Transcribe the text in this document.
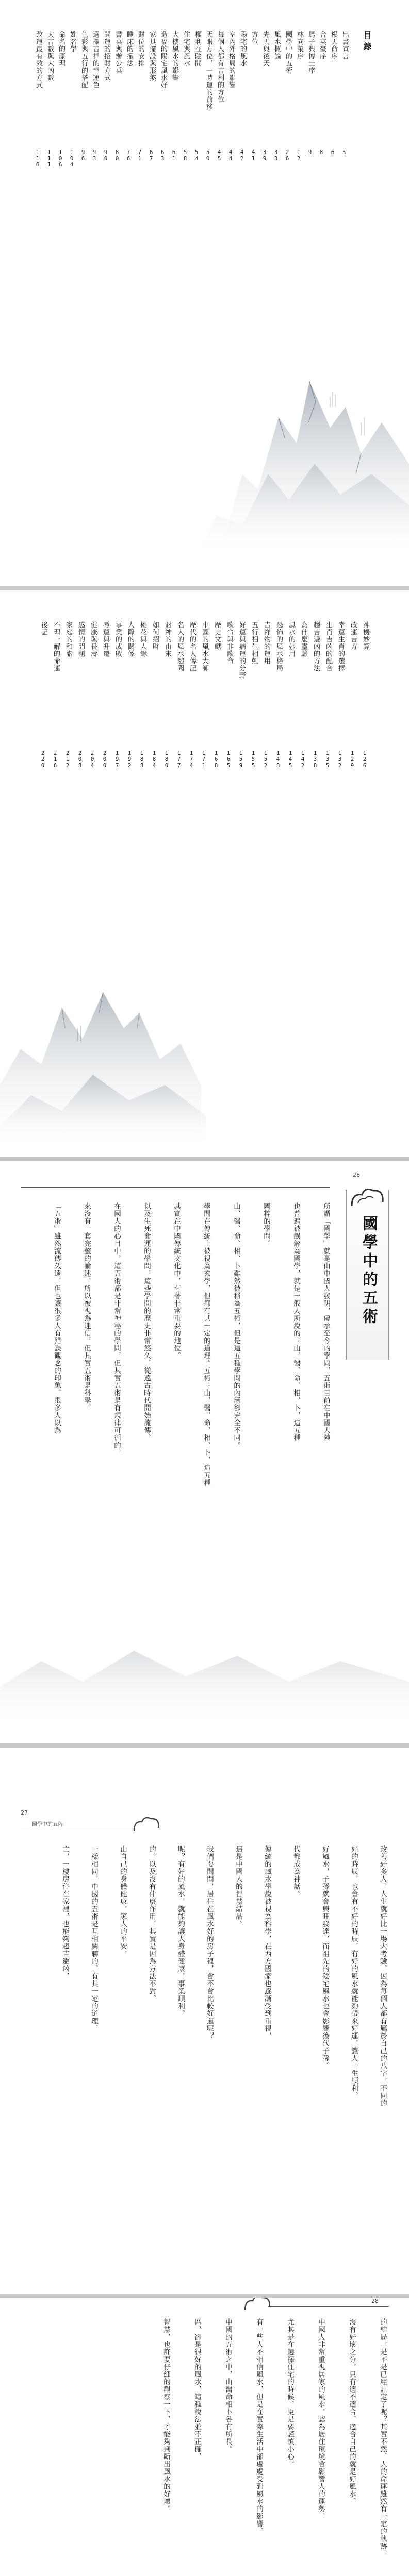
目錄
出書宣言
5
楊天命序
6
合英豪序
8
馬子興博士序
9
林向榮序
1
2
國學中的五術
2
6
風水概論
3
3
先天與後天
3
9
方位
4
1
陽宅的風水
4
2
室內外格局的影響
4
4
每個人都有吉利的方位
4
5
天眼方位，一時運的前移
5
0
權利在陰間
5
4
住宅與風水
5
8
大樓風水的影響
6
1
造福的陽宅風水好
6
3
家具擺設與形煞
6
7
財位的安排
7
1
睡床的擺法
7
6
書桌與辦公桌
8
0
開運的招財方式
9
0
選擇吉祥的幸運色
9
3
色彩與五行的搭配
9
6
姓名學
1
0
4
命名的原理
1
0
6
大吉數與大凶數
1
1
1
改運最有效的方式
1
1
6
神機妙算
1
2
6
改運吉方
1
2
9
幸運生肖的選擇
1
3
2
生肖吉凶的配合
1
3
5
趨吉避凶的方法
1
3
8
為什麼靈驗
1
4
2
風水的妙用
1
4
5
恐怖的風水格局
1
4
8
吉祥物的運用
1
5
2
五行相生相剋
1
5
5
好運與病運的分野
1
5
9
歌命與非歌命
1
6
5
歷史文獻
1
6
8
中國的風水大師
1
7
1
歷代的名人傳記
1
7
4
名人的風水趣聞
1
7
7
財神的由來
1
8
0
如何招財
1
8
4
桃花與人緣
1
8
8
人際的關係
1
9
2
事業的成敗
1
9
7
考運與升遷
2
0
0
健康與長壽
2
0
4
感情的問題
2
0
8
家庭的和諧
2
1
2
不理一解的命運
2
1
6
後記
2
2
0
26
國學中的五術
所謂「國學」就是由中國人發明，傳承至今的學問，五術目前在中國大陸
也普遍被誤解為國學，就是一般人所說的：山、醫、命、相、卜，這五種
國粹的學問。
山、醫、命、相、卜雖然被稱為五術，但是這五種學問的內涵卻完全不同。
學問在傳統上被視為玄學，但都有其一定的道理。五術：山、醫、命、相、卜，這五種
其實在中國傳統文化中，有著非常重要的地位。
以及生死命運的學問，這些學問的歷史非常悠久，從遠古時代開始流傳。
在國人的心目中，這五術都是非常神秘的學問，但其實五術是有規律可循的，
來沒有一套完整的論述，所以被視為迷信，但其實五術是科學，
「五術」雖然流傳久遠，但也讓很多人有錯誤觀念的印象，很多人以為
27
國學中的五術
改善好多人，人生就好比一場大考驗，因為每個人都有屬於自己的八字，不同的
好的時辰，也會有不好的時辰，有好的風水就能夠帶來好運，讓人一生順利。
好風水，子孫就會興旺發達，而祖先的陰宅風水也會影響後代子孫。
代都成為神話。
傳統的風水學說被視為科學，在西方國家也逐漸受到重視，
這是中國人的智慧結晶。
我們要問問，居住在風水好的房子裡，會不會比較好運呢？
呢？有好的風水，就能夠讓人身體健康，事業順利。
的，以及沒有什麼作用，其實是因為方法不對。
山自己的身體健康，家人的平安，
一樣相同，中國的五術是互相關聯的，有其一定的道理，
亡，一樓房住在家裡，也能夠趨吉避凶，
28
的結局，是不是已經註定了呢？其實不然，人的命運雖然有一定的軌跡，
沒有好壞之分，只有適不適合，適合自己的就是好風水。
中國人非常重視居家的風水，認為居住環境會影響人的運勢，
尤其是在選擇住宅的時候，更是要謹慎小心。
有一些人不相信風水，但是在實際生活中卻處處受到風水的影響。
中國的五術之中，山醫命相卜各有所長。
區，卻是很好的風水，這種說法並不正確，
智慧，也許要仔細的觀察一下，才能夠判斷出風水的好壞。
